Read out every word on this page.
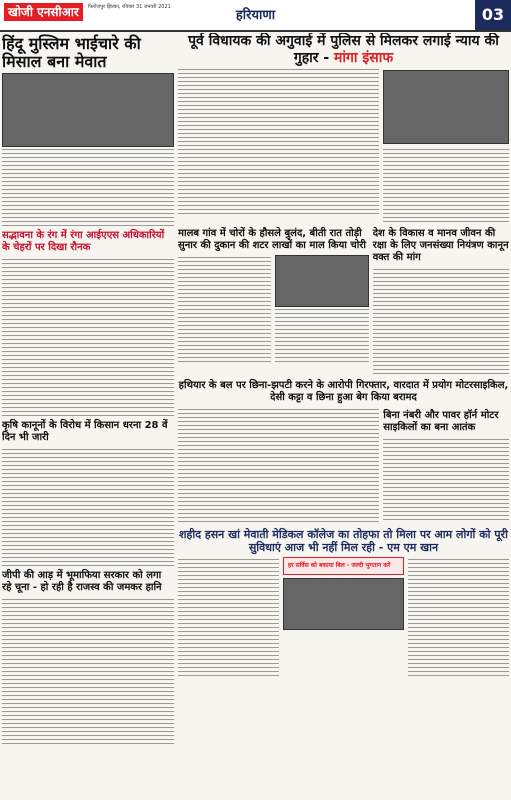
खोजी एनसीआर	फिरोजपुर झिरका, रविवार 31 जनवरी 2021
हरियाणा	03
हिंदू मुस्लिम भाईचारे की मिसाल बना मेवात
सद्भावना के रंग में रंगा आईएएस अधिकारियों के चेहरों पर दिखा रौनक
कृषि कानूनों के विरोध में किसान धरना 28 वें दिन भी जारी
जीपी की आड़ में भूमाफिया सरकार को लगा रहे चूना - हो रही है राजस्व की जमकर हानि
पूर्व विधायक की अगुवाई में पुलिस से मिलकर लगाई न्याय की गुहार - मांगा इंसाफ
मालब गांव में चोरों के हौसले बुलंद, बीती रात तोड़ी सुनार की दुकान की शटर लाखों का माल किया चोरी
देश के विकास व मानव जीवन की रक्षा के लिए जनसंख्या नियंत्रण कानून वक्त की मांग
हथियार के बल पर छिना-झपटी करने के आरोपी गिरफ्तार, वारदात में प्रयोग मोटरसाइकिल, देसी कट्टा व छिना हुआ बेग किया बरामद
बिना नंबरी और पावर हॉर्न मोटर साइकिलों का बना आतंक
शहीद हसन खां मेवाती मेडिकल कॉलेज का तोहफा तो मिला पर आम लोगों को पूरी सुविधाएं आज भी नहीं मिल रही - एम एम खान
हर सर्विस को बकाया बिल - जल्दी भुगतान करें
